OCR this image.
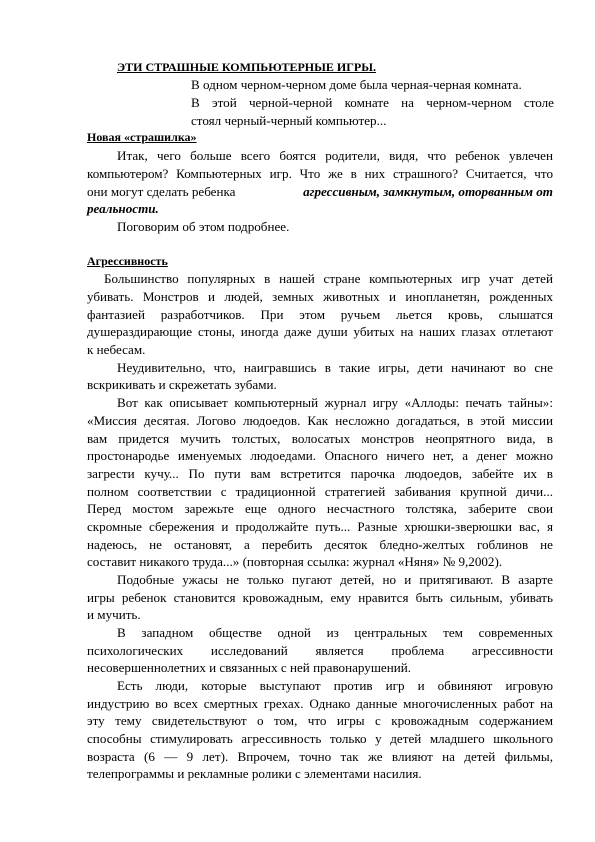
ЭТИ СТРАШНЫЕ КОМПЬЮТЕРНЫЕ ИГРЫ.
В одном черном-черном доме была черная-черная комната.
В этой черной-черной комнате на черном-черном столе
стоял черный-черный компьютер...
Новая «страшилка»
Итак, чего больше всего боятся родители, видя, что ребенок увлечен
компьютером? Компьютерных игр. Что же в них страшного? Считается, что
они могут сделать ребенка	агрессивным, замкнутым, оторванным от
реальности.
Поговорим об этом подробнее.
Агрессивность
Большинство популярных в нашей стране компьютерных игр учат детей
убивать. Монстров и людей, земных животных и инопланетян, рожденных
фантазией разработчиков. При этом ручьем льется кровь, слышатся
душераздирающие стоны, иногда даже души убитых на наших глазах отлетают
к небесам.
Неудивительно, что, наигравшись в такие игры, дети начинают во сне
вскрикивать и скрежетать зубами.
Вот как описывает компьютерный журнал игру «Аллоды: печать тайны»:
«Миссия десятая. Логово людоедов. Как несложно догадаться, в этой миссии
вам придется мучить толстых, волосатых монстров неопрятного вида, в
простонародье именуемых людоедами. Опасного ничего нет, а денег можно
загрести кучу... По пути вам встретится парочка людоедов, забейте их в
полном соответствии с традиционной стратегией забивания крупной дичи...
Перед мостом зарежьте еще одного несчастного толстяка, заберите свои
скромные сбережения и продолжайте путь... Разные хрюшки-зверюшки вас, я
надеюсь, не остановят, а перебить десяток бледно-желтых гоблинов не
составит никакого труда...» (повторная ссылка: журнал «Няня» № 9,2002).
Подобные ужасы не только пугают детей, но и притягивают. В азарте
игры ребенок становится кровожадным, ему нравится быть сильным, убивать
и мучить.
В западном обществе одной из центральных тем современных
психологических исследований является проблема агрессивности
несовершеннолетних и связанных с ней правонарушений.
Есть люди, которые выступают против игр и обвиняют игровую
индустрию во всех смертных грехах. Однако данные многочисленных работ на
эту тему свидетельствуют о том, что игры с кровожадным содержанием
способны стимулировать агрессивность только у детей младшего школьного
возраста (6 — 9 лет). Впрочем, точно так же влияют на детей фильмы,
телепрограммы и рекламные ролики с элементами насилия.
